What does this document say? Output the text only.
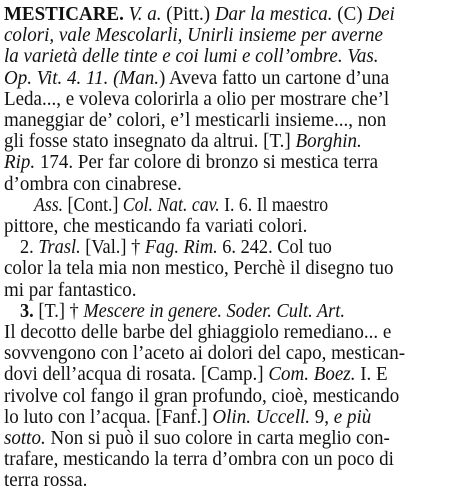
MESTICARE. V. a. (Pitt.) Dar la mestica. (C) Dei
colori, vale Mescolarli, Unirli insieme per averne
la varietà delle tinte e coi lumi e coll’ombre. Vas.
Op. Vit. 4. 11. (Man.) Aveva fatto un cartone d’una
Leda..., e voleva colorirla a olio per mostrare che’l
maneggiar de’ colori, e’l mesticarli insieme..., non
gli fosse stato insegnato da altrui. [T.] Borghin.
Rip. 174. Per far colore di bronzo si mestica terra
d’ombra con cinabrese.
Ass. [Cont.] Col. Nat. cav. I. 6. Il maestro
pittore, che mesticando fa variati colori.
2. Trasl. [Val.] † Fag. Rim. 6. 242. Col tuo
color la tela mia non mestico, Perchè il disegno tuo
mi par fantastico.
3. [T.] † Mescere in genere. Soder. Cult. Art.
Il decotto delle barbe del ghiaggiolo remediano... e
sovvengono con l’aceto ai dolori del capo, mestican-
dovi dell’acqua di rosata. [Camp.] Com. Boez. I. E
rivolve col fango il gran profundo, cioè, mesticando
lo luto con l’acqua. [Fanf.] Olin. Uccell. 9, e più
sotto. Non si può il suo colore in carta meglio con-
trafare, mesticando la terra d’ombra con un poco di
terra rossa.
